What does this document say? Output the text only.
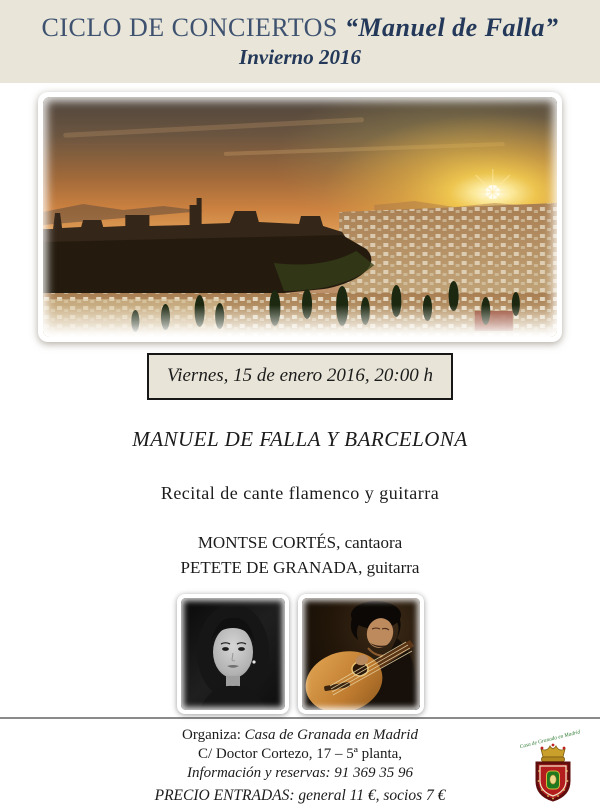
CICLO DE CONCIERTOS “Manuel de Falla”
Invierno 2016
Viernes, 15 de enero 2016, 20:00 h
MANUEL DE FALLA Y BARCELONA
Recital de cante flamenco y guitarra
MONTSE CORTÉS, cantaora
PETETE DE GRANADA, guitarra
Organiza: Casa de Granada en Madrid
C/ Doctor Cortezo, 17 – 5ª planta,
Información y reservas: 91 369 35 96
PRECIO ENTRADAS: general 11 €, socios 7 €
Casa de Granada en Madrid
